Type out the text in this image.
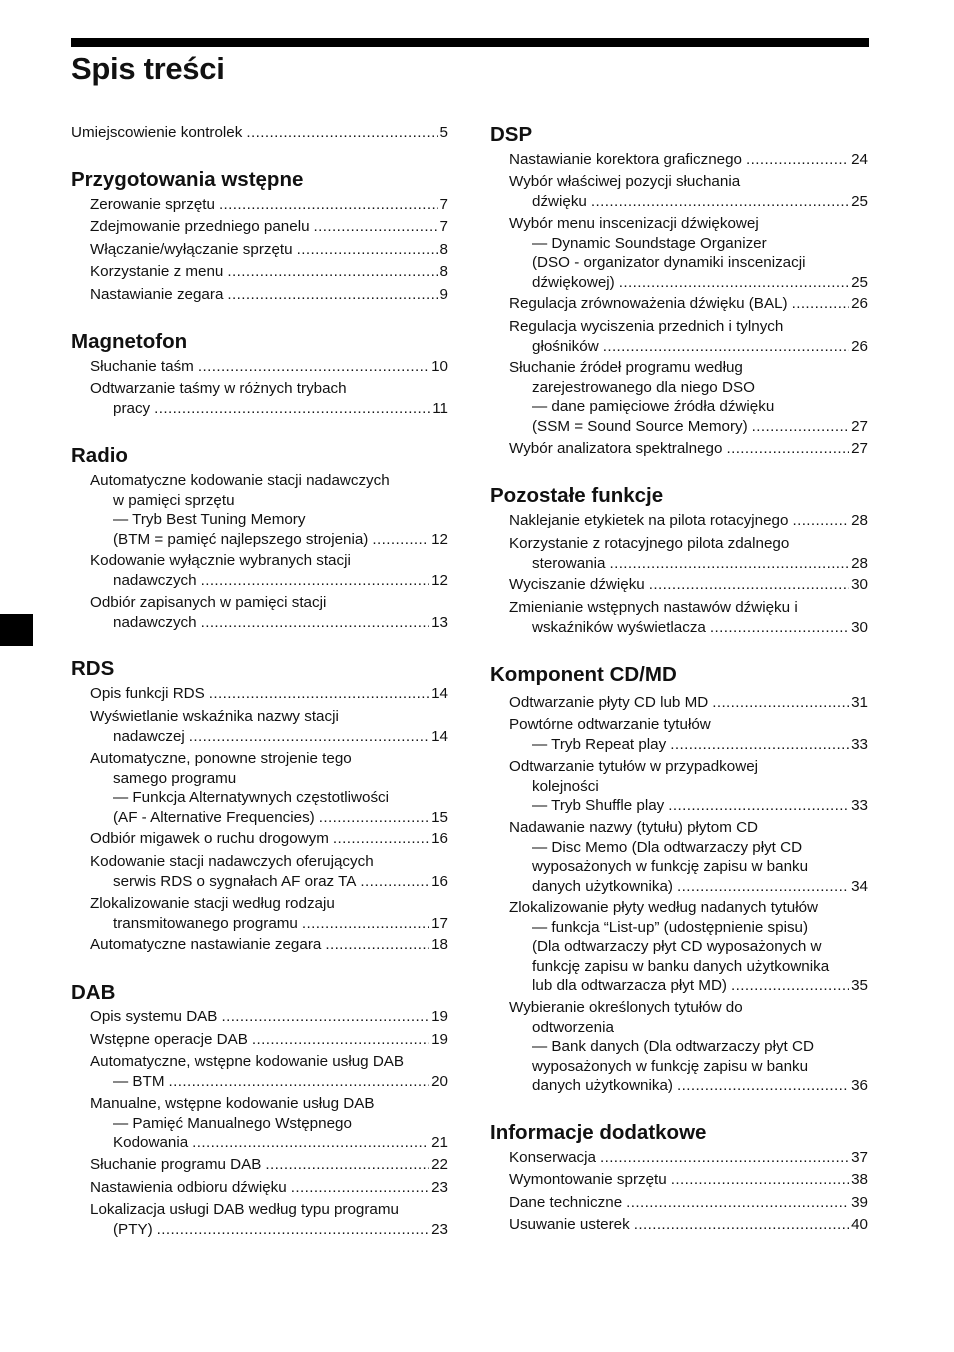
Spis treści
Umiejscowienie kontrolek .....	5
Przygotowania wstępne
Zerowanie sprzętu .....	7
Zdejmowanie przedniego panelu .....	7
Włączanie/wyłączanie sprzętu .....	8
Korzystanie z menu .....	8
Nastawianie zegara .....	9
Magnetofon
Słuchanie taśm .....	10
Odtwarzanie taśmy w różnych trybach
pracy .....	11
Radio
Automatyczne kodowanie stacji nadawczych
w pamięci sprzętu
— Tryb Best Tuning Memory
(BTM = pamięć najlepszego strojenia) .....	12
Kodowanie wyłącznie wybranych stacji
nadawczych .....	12
Odbiór zapisanych w pamięci stacji
nadawczych .....	13
RDS
Opis funkcji RDS .....	14
Wyświetlanie wskaźnika nazwy stacji
nadawczej .....	14
Automatyczne, ponowne strojenie tego
samego programu
— Funkcja Alternatywnych częstotliwości
(AF - Alternative Frequencies) .....	15
Odbiór migawek o ruchu drogowym .....	16
Kodowanie stacji nadawczych oferujących
serwis RDS o sygnałach AF oraz TA .....	16
Zlokalizowanie stacji według rodzaju
transmitowanego programu .....	17
Automatyczne nastawianie zegara .....	18
DAB
Opis systemu DAB .....	19
Wstępne operacje DAB .....	19
Automatyczne, wstępne kodowanie usług DAB
— BTM .....	20
Manualne, wstępne kodowanie usług DAB
— Pamięć Manualnego Wstępnego
Kodowania .....	21
Słuchanie programu DAB .....	22
Nastawienia odbioru dźwięku .....	23
Lokalizacja usługi DAB według typu programu
(PTY) .....	23
DSP
Nastawianie korektora graficznego .....	24
Wybór właściwej pozycji słuchania
dźwięku .....	25
Wybór menu inscenizacji dźwiękowej
— Dynamic Soundstage Organizer
(DSO - organizator dynamiki inscenizacji
dźwiękowej) .....	25
Regulacja zrównoważenia dźwięku (BAL) .....	26
Regulacja wyciszenia przednich i tylnych
głośników .....	26
Słuchanie źródeł programu według
zarejestrowanego dla niego DSO
— dane pamięciowe źródła dźwięku
(SSM = Sound Source Memory) .....	27
Wybór analizatora spektralnego .....	27
Pozostałe funkcje
Naklejanie etykietek na pilota rotacyjnego .....	28
Korzystanie z rotacyjnego pilota zdalnego
sterowania .....	28
Wyciszanie dźwięku .....	30
Zmienianie wstępnych nastawów dźwięku i
wskaźników wyświetlacza .....	30
Komponent CD/MD
Odtwarzanie płyty CD lub MD .....	31
Powtórne odtwarzanie tytułów
— Tryb Repeat play .....	33
Odtwarzanie tytułów w przypadkowej
kolejności
— Tryb Shuffle play .....	33
Nadawanie nazwy (tytułu) płytom CD
— Disc Memo (Dla odtwarzaczy płyt CD
wyposażonych w funkcję zapisu w banku
danych użytkownika) .....	34
Zlokalizowanie płyty według nadanych tytułów
— funkcja “List-up” (udostępnienie spisu)
(Dla odtwarzaczy płyt CD wyposażonych w
funkcję zapisu w banku danych użytkownika
lub dla odtwarzacza płyt MD) .....	35
Wybieranie określonych tytułów do
odtworzenia
— Bank danych (Dla odtwarzaczy płyt CD
wyposażonych w funkcję zapisu w banku
danych użytkownika) .....	36
Informacje dodatkowe
Konserwacja .....	37
Wymontowanie sprzętu .....	38
Dane techniczne .....	39
Usuwanie usterek .....	40
